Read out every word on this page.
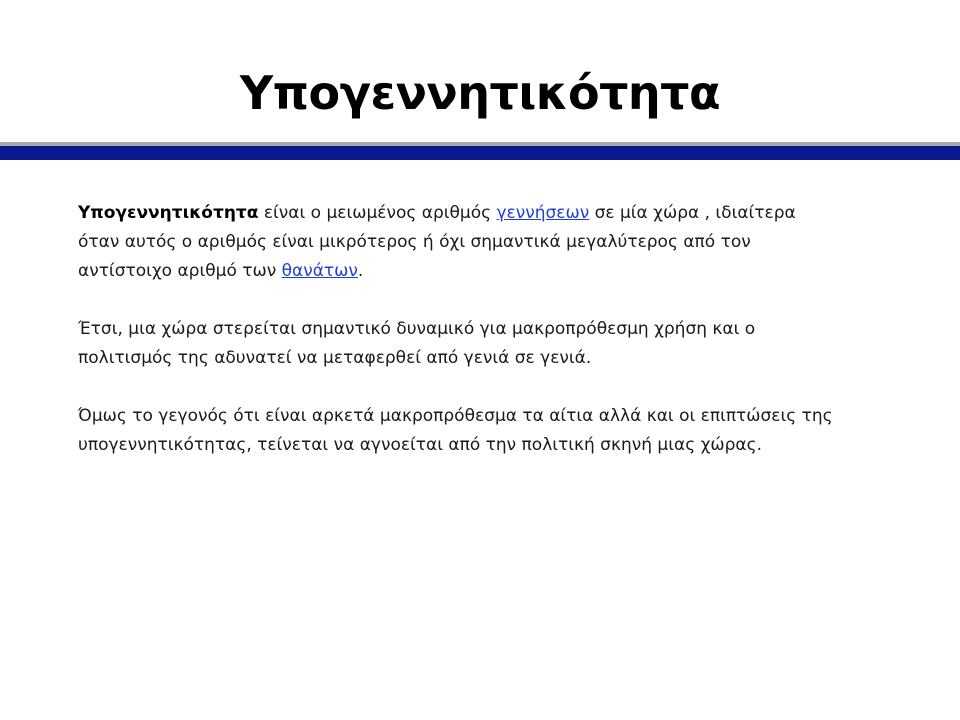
Υπογεννητικότητα

Υπογεννητικότητα είναι ο μειωμένος αριθμός γεννήσεων σε μία χώρα , ιδιαίτερα όταν αυτός ο αριθμός είναι μικρότερος ή όχι σημαντικά μεγαλύτερος από τον αντίστοιχο αριθμό των θανάτων.

Έτσι, μια χώρα στερείται σημαντικό δυναμικό για μακροπρόθεσμη χρήση και ο πολιτισμός της αδυνατεί να μεταφερθεί από γενιά σε γενιά.

Όμως το γεγονός ότι είναι αρκετά μακροπρόθεσμα τα αίτια αλλά και οι επιπτώσεις της υπογεννητικότητας, τείνεται να αγνοείται από την πολιτική σκηνή μιας χώρας.
